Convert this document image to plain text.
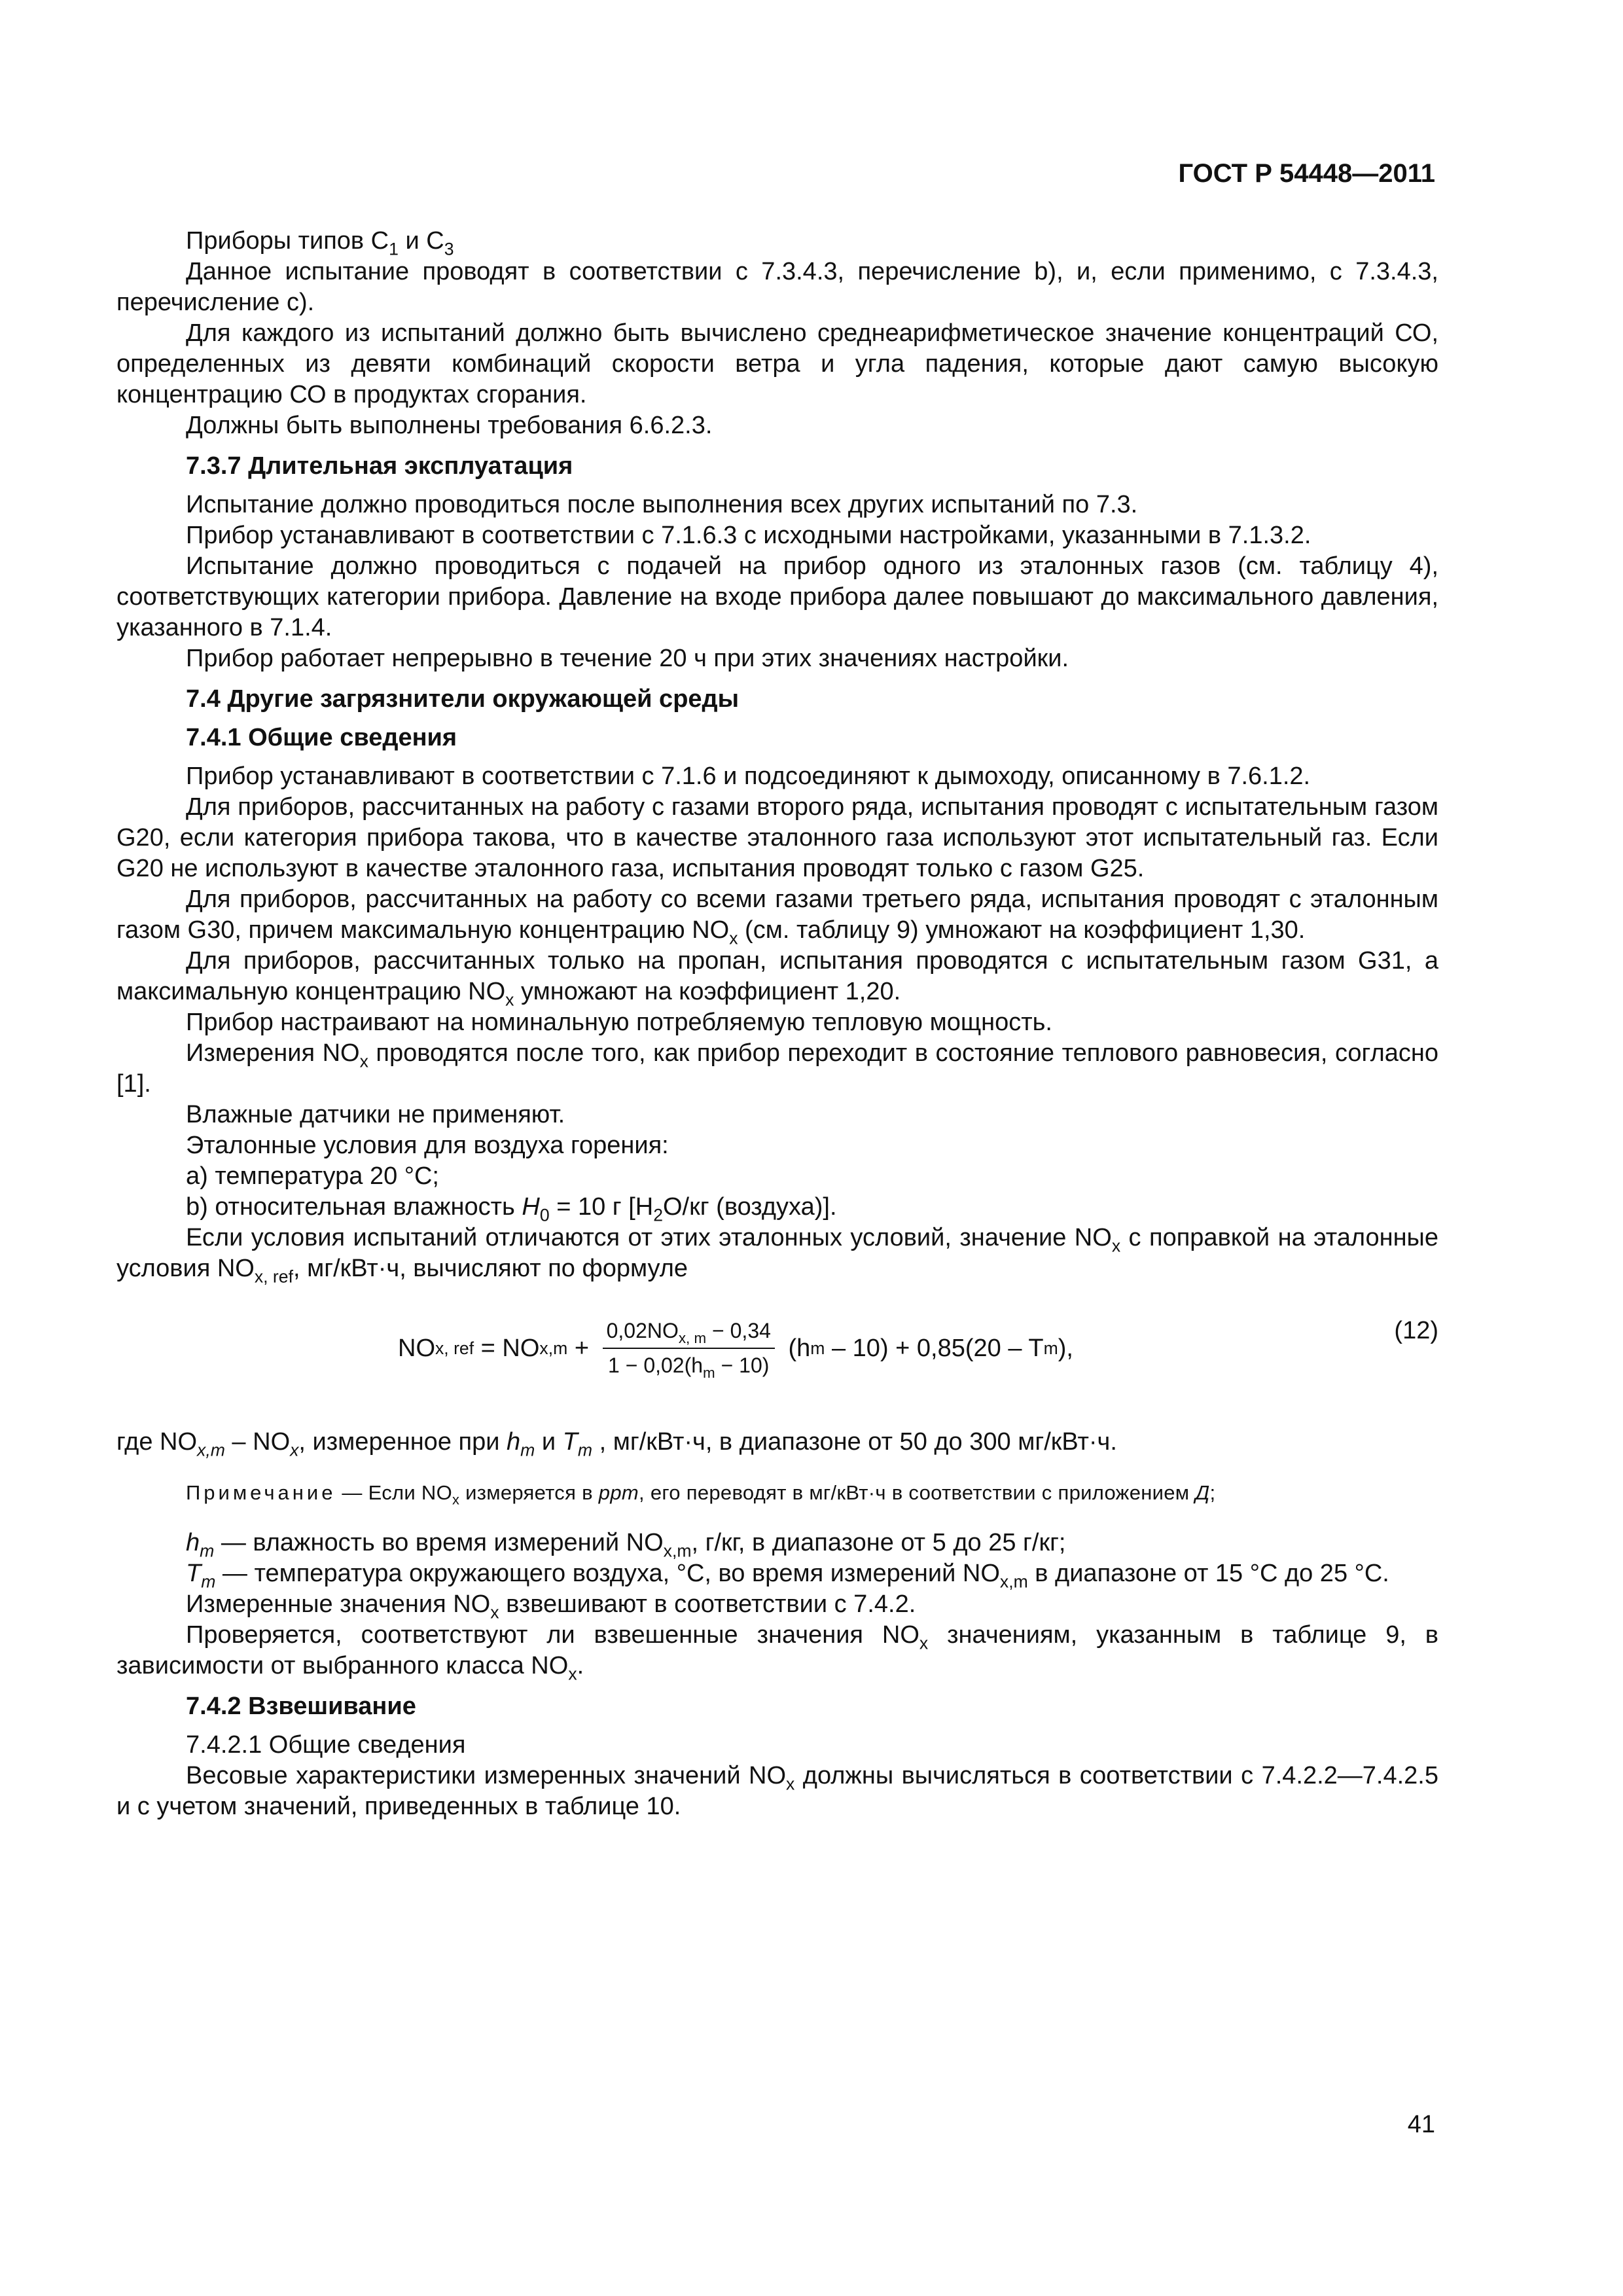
ГОСТ Р 54448—2011

Приборы типов $С_1$ и $С_3$

Данное испытание проводят в соответствии с 7.3.4.3, перечисление b), и, если применимо, с 7.3.4.3, перечисление с).

Для каждого из испытаний должно быть вычислено среднеарифметическое значение концентраций СО, определенных из девяти комбинаций скорости ветра и угла падения, которые дают самую высокую концентрацию СО в продуктах сгорания.

Должны быть выполнены требования 6.6.2.3.

7.3.7 Длительная эксплуатация

Испытание должно проводиться после выполнения всех других испытаний по 7.3.

Прибор устанавливают в соответствии с 7.1.6.3 с исходными настройками, указанными в 7.1.3.2.

Испытание должно проводиться с подачей на прибор одного из эталонных газов (см. таблицу 4), соответствующих категории прибора. Давление на входе прибора далее повышают до максимального давления, указанного в 7.1.4.

Прибор работает непрерывно в течение 20 ч при этих значениях настройки.

7.4 Другие загрязнители окружающей среды
7.4.1 Общие сведения

Прибор устанавливают в соответствии с 7.1.6 и подсоединяют к дымоходу, описанному в 7.6.1.2.

Для приборов, рассчитанных на работу с газами второго ряда, испытания проводят с испытательным газом G20, если категория прибора такова, что в качестве эталонного газа используют этот испытательный газ. Если G20 не используют в качестве эталонного газа, испытания проводят только с газом G25.

Для приборов, рассчитанных на работу со всеми газами третьего ряда, испытания проводят с эталонным газом G30, причем максимальную концентрацию $NO_x$ (см. таблицу 9) умножают на коэффициент 1,30.

Для приборов, рассчитанных только на пропан, испытания проводятся с испытательным газом G31, а максимальную концентрацию $NO_x$ умножают на коэффициент 1,20.

Прибор настраивают на номинальную потребляемую тепловую мощность.

Измерения $NO_x$ проводятся после того, как прибор переходит в состояние теплового равновесия, согласно [1].

Влажные датчики не применяют.

Эталонные условия для воздуха горения:

a) температура 20 °С;

b) относительная влажность $H_0 = 10$ г [$H_2О/кг$ (воздуха)].

Если условия испытаний отличаются от этих эталонных условий, значение $NO_x$ с поправкой на эталонные условия $NO_{x, ref}$, мг/кВт·ч, вычисляют по формуле

NO x, ref = NO $x,m + \frac{0,02NO_{x, m} - 0,34}{1 - 0,02(h_m - 10)} (h$ m – 10) + 0,85(20 – T m ),
(12)

где $NO_{x,m} - NO_x$, измеренное при $h_m$ и $T_m$ , мг/кВт·ч, в диапазоне от 50 до 300 мг/кВт·ч.

Примечание — Если $NO_x$ измеряется в ppm, его переводят в мг/кВт·ч в соответствии с приложением Д;

$h_m$ — влажность во время измерений $NO_{x,m}$, г/кг, в диапазоне от 5 до 25 г/кг;

$T_m$ — температура окружающего воздуха, °С, во время измерений $NO_{x,m}$ в диапазоне от 15 °С до 25 °С.

Измеренные значения $NO_x$ взвешивают в соответствии с 7.4.2.

Проверяется, соответствуют ли взвешенные значения $NO_x$ значениям, указанным в таблице 9, в зависимости от выбранного класса $NO_x$.

7.4.2 Взвешивание

7.4.2.1 Общие сведения

Весовые характеристики измеренных значений $NO_x$ должны вычисляться в соответствии с 7.4.2.2—7.4.2.5 и с учетом значений, приведенных в таблице 10.

41
